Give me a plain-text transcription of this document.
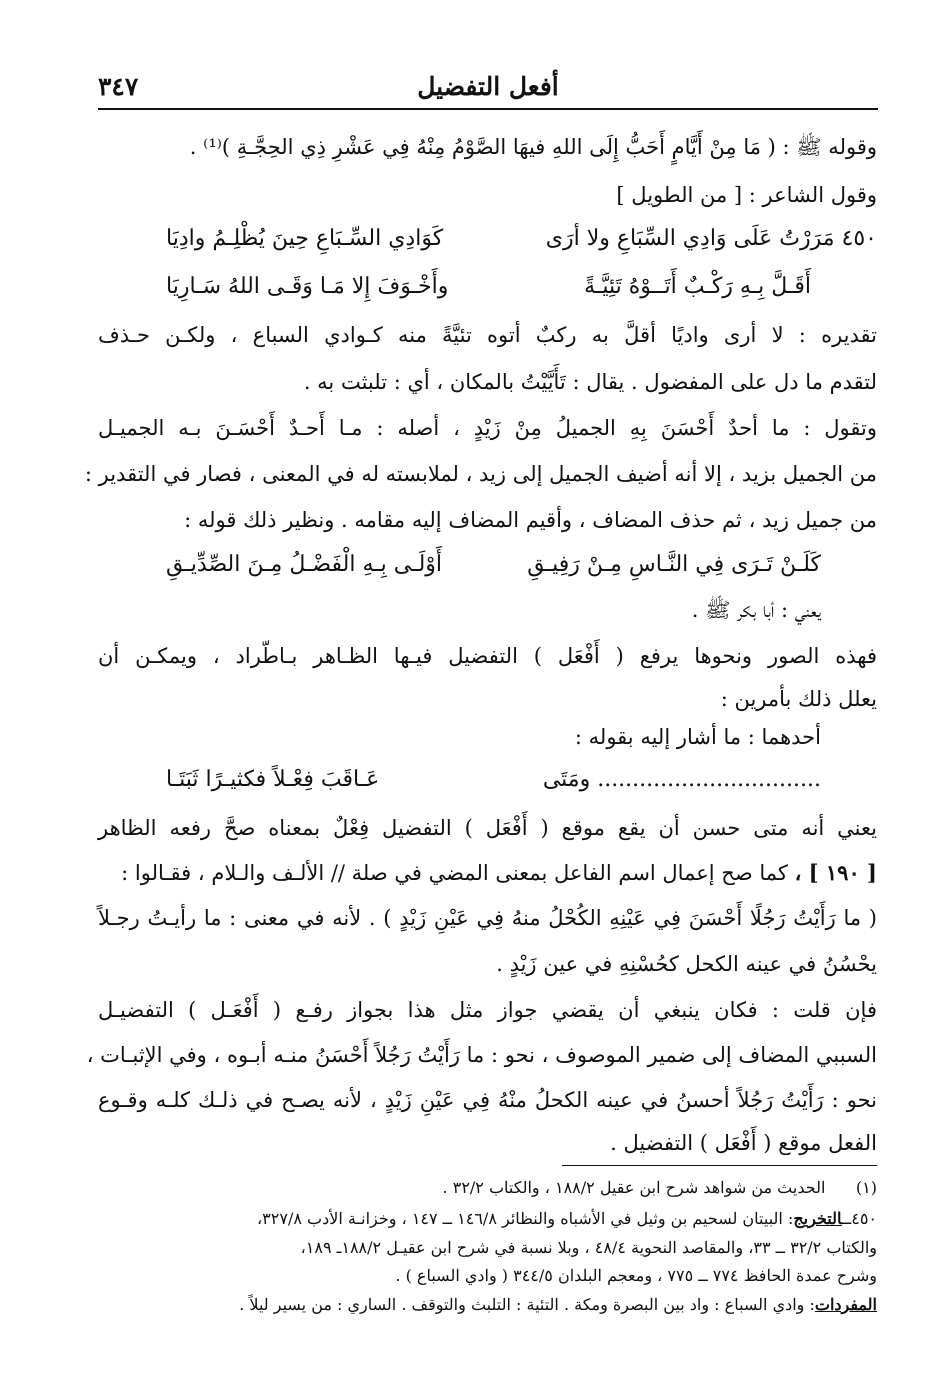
أفعل التفضيل
٣٤٧
وقوله ﷺ : ( مَا مِنْ أَيَّامٍ أَحَبُّ إِلَى اللهِ فيهَا الصَّوْمُ مِنْهُ فِي عَشْرِ ذِي الحِجَّـةِ )⁽¹⁾ .
وقول الشاعر : [ من الطويل ]
٤٥٠ مَرَرْتُ عَلَى وَادِي السِّبَاعِ ولا أرَى
كَوَادِي السِّـبَاعِ حِينَ يُظْلِـمُ وادِيَا
أَقَـلَّ بِـهِ رَكْـبٌ أَتَــوْهُ تَئِيَّـةً
وأَخْـوَفَ إِلا مَـا وَقَـى اللهُ سَـارِيَا
تقديره : لا أرى واديًا أقلَّ به ركبٌ أتوه تئيَّةً منه كـوادي السباع ، ولكـن حـذف
لتقدم ما دل على المفضول . يقال : تَأَيَّيْتُ بالمكان ، أي : تلبثت به .
وتقول : ما أحدٌ أَحْسَنَ بِهِ الجميلُ مِنْ زَيْدٍ ، أصله : مـا أَحـدٌ أَحْسَـنَ بـه الجميـل
من الجميل بزيد ، إلا أنه أضيف الجميل إلى زيد ، لملابسته له في المعنى ، فصار في التقدير :
من جميل زيد ، ثم حذف المضاف ، وأقيم المضاف إليه مقامه . ونظير ذلك قوله :
كَلَـنْ تَـرَى فِي النَّـاسِ مِـنْ رَفِيـقِ
أَوْلَـى بِـهِ الْفَضْـلُ مِـنَ الصِّدِّيـقِ
يعني : أبا بكر ﷺ .
فهذه الصور ونحوها يرفع ( أَفْعَل ) التفضيل فيـها الظـاهر بـاطّراد ، ويمكـن أن
يعلل ذلك بأمرين :
أحدهما : ما أشار إليه بقوله :
................................ ومَتَى
عَـاقَبَ فِعْـلاً فكثيـرًا ثَبَتَـا
يعني أنه متى حسن أن يقع موقع ( أَفْعَل ) التفضيل فِعْلٌ بمعناه صحَّ رفعه الظاهر
[ ١٩٠ ] ، كما صح إعمال اسم الفاعل بمعنى المضي في صلة // الألـف والـلام ، فقـالوا :
( ما رَأَيْتُ رَجُلًا أَحْسَنَ فِي عَيْنِهِ الكُحْلُ منهُ فِي عَيْنِ زَيْدٍ ) . لأنه في معنى : ما رأيـتُ رجـلاً
يحْسُنُ في عينه الكحل كحُسْنِهِ في عين زَيْدٍ .
فإن قلت : فكان ينبغي أن يقضي جواز مثل هذا بجواز رفـع ( أَفْعَـل ) التفضيـل
السببي المضاف إلى ضمير الموصوف ، نحو : ما رَأَيْتُ رَجُلاً أَحْسَنُ منـه أبـوه ، وفي الإثبـات ،
نحو : رَأَيْتُ رَجُلاً أحسنُ في عينه الكحلُ منْهُ فِي عَيْنِ زَيْدٍ ، لأنه يصـح في ذلـك كلـه وقـوع
الفعل موقع ( أَفْعَل ) التفضيل .
(١)      الحديث من شواهد شرح ابن عقيل ١٨٨/٢ ، والكتاب ٣٢/٢ .
٤٥٠ــالتخريج: البيتان لسحيم بن وثيل في الأشباه والنظائر ١٤٦/٨ ــ ١٤٧ ، وخزانـة الأدب ٣٢٧/٨،
والكتاب ٣٢/٢ ــ ٣٣، والمقاصد النحوية ٤٨/٤ ، وبلا نسبة في شرح ابن عقيـل ١٨٨/٢ـ ١٨٩،
وشرح عمدة الحافظ ٧٧٤ ــ ٧٧٥ ، ومعجم البلدان ٣٤٤/٥ ( وادي السباع ) .
المفردات: وادي السباع : واد بين البصرة ومكة . التئية : التلبث والتوقف . الساري : من يسير ليلاً .
